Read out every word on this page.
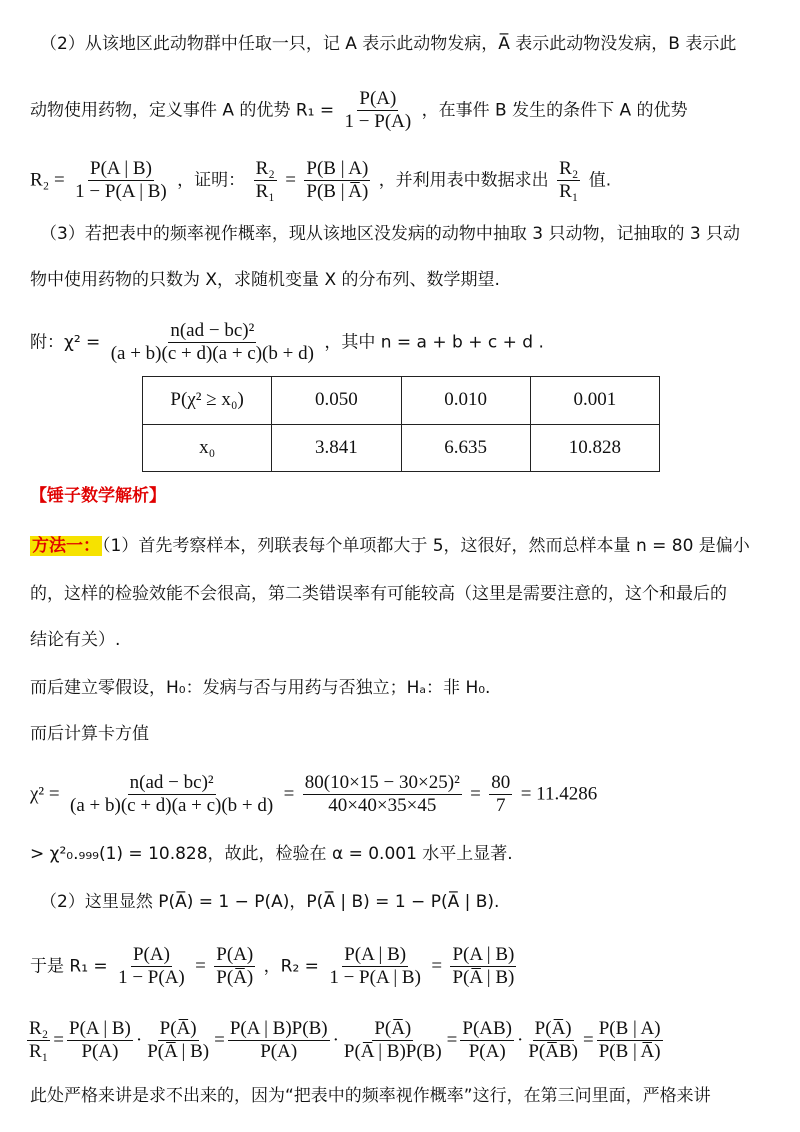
（2）从该地区此动物群中任取一只，记 A 表示此动物发病，A̅ 表示此动物没发病，B 表示此
动物使用药物，定义事件 A 的优势 $R_1 = \frac{P(A)}{1 - P(A)}$ ，在事件 B 发生的条件下 A 的优势
$R_2 = \frac{P(A | B)}{1 - P(A | B)}$ ，证明： $\frac{\text{R₂}}{\text{R₁}} = \frac{P(B | A)}{P(B | A̅)}$ ，并利用表中数据求出 $\frac{\text{R₂}}{\text{R₁}}$ 值.
（3）若把表中的频率视作概率，现从该地区没发病的动物中抽取 3 只动物，记抽取的 3 只动
物中使用药物的只数为 X，求随机变量 X 的分布列、数学期望.
附：$\chi^2 = \frac{\text{n(ad − bc)²}}{(a + b)(c + d)(a + c)(b + d)}$ ，其中 n = a + b + c + d .
P(χ² ≥ x₀)	0.050	0.010	0.001
x₀	3.841	6.635	10.828
【锤子数学解析】
方法一： （1）首先考察样本，列联表每个单项都大于 5，这很好，然而总样本量 n = 80 是偏小
的，这样的检验效能不会很高，第二类错误率有可能较高（这里是需要注意的，这个和最后的
结论有关）.
而后建立零假设，H₀：发病与否与用药与否独立；Hₐ：非 H₀.
而后计算卡方值
$\chi^2 = \frac{\text{n(ad − bc)²}}{(a + b)(c + d)(a + c)(b + d)} = \frac{\text{80(10×15 − 30×25)²}}{40\times 40\times 35\times 45} = \frac{80}{7} = 11.4286$
> χ²₀.₉₉₉(1) = 10.828，故此，检验在 α = 0.001 水平上显著.
（2）这里显然 P(A̅) = 1 − P(A)，P(A̅ | B) = 1 − P(A̅ | B).
于是 $R_1 = \frac{P(A)}{1 - P(A)} = \frac{P(A)}{P(A̅)}$ ，$R_2 = \frac{P(A | B)}{1 - P(A | B)} = \frac{P(A | B)}{P(A̅ | B)}$
$\frac{\text{R₂}}{\text{R₁}} = \frac{P(A | B)}{P(A)} \cdot \frac{P(A̅)}{P(A̅ | B)} = \frac{P(A | B)P(B)}{P(A)} \cdot \frac{P(A̅)}{P(A̅ | B)P(B)} = \frac{P(AB)}{P(A)} \cdot \frac{P(A̅)}{P(A̅B)} = \frac{P(B | A)}{P(B | A̅)}$
此处严格来讲是求不出来的，因为“把表中的频率视作概率”这行，在第三问里面，严格来讲
